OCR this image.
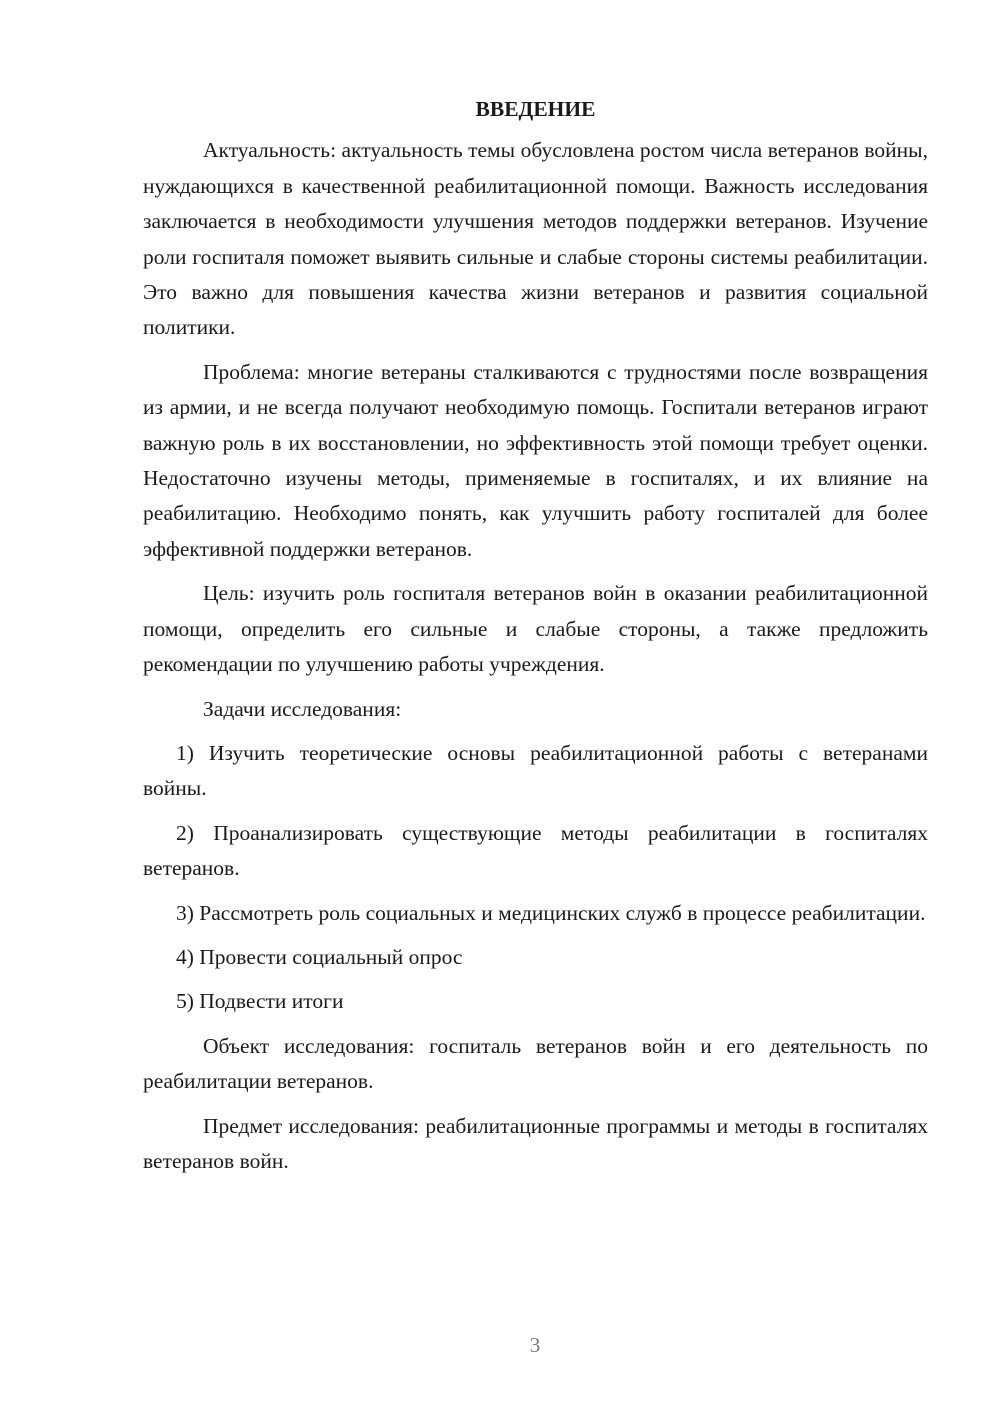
ВВЕДЕНИЕ

Актуальность: актуальность темы обусловлена ростом числа ветеранов войны, нуждающихся в качественной реабилитационной помощи. Важность исследования заключается в необходимости улучшения методов поддержки ветеранов. Изучение роли госпиталя поможет выявить сильные и слабые стороны системы реабилитации. Это важно для повышения качества жизни ветеранов и развития социальной политики.

Проблема: многие ветераны сталкиваются с трудностями после возвращения из армии, и не всегда получают необходимую помощь. Госпитали ветеранов играют важную роль в их восстановлении, но эффективность этой помощи требует оценки. Недостаточно изучены методы, применяемые в госпиталях, и их влияние на реабилитацию. Необходимо понять, как улучшить работу госпиталей для более эффективной поддержки ветеранов.

Цель: изучить роль госпиталя ветеранов войн в оказании реабилитационной помощи, определить его сильные и слабые стороны, а также предложить рекомендации по улучшению работы учреждения.

Задачи исследования:

1) Изучить теоретические основы реабилитационной работы с ветеранами войны.

2) Проанализировать существующие методы реабилитации в госпиталях ветеранов.

3) Рассмотреть роль социальных и медицинских служб в процессе реабилитации.

4) Провести социальный опрос

5) Подвести итоги

Объект исследования: госпиталь ветеранов войн и его деятельность по реабилитации ветеранов.

Предмет исследования: реабилитационные программы и методы в госпиталях ветеранов войн.

3
